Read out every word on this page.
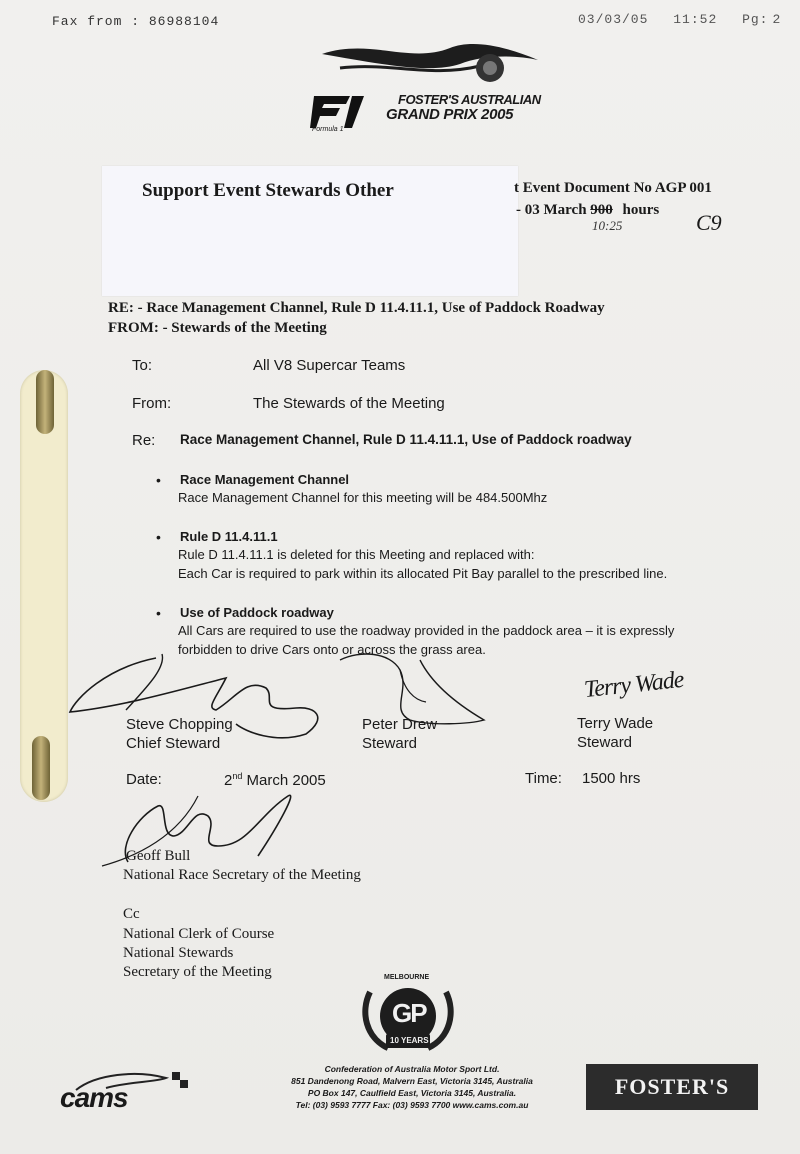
Fax from : 86988104	03/03/05 11:52 Pg: 2
FOSTER'S AUSTRALIAN
GRAND PRIX 2005
Formula 1
Support Event Stewards Other	t Event Document No AGP 001
- 03 March 900 hours
10:25	C9
RE: - Race Management Channel, Rule D 11.4.11.1, Use of Paddock Roadway
FROM: - Stewards of the Meeting
To:	All V8 Supercar Teams
From:	The Stewards of the Meeting
Re: Race Management Channel, Rule D 11.4.11.1, Use of Paddock roadway
• Race Management Channel
Race Management Channel for this meeting will be 484.500Mhz
• Rule D 11.4.11.1
Rule D 11.4.11.1 is deleted for this Meeting and replaced with:
Each Car is required to park within its allocated Pit Bay parallel to the prescribed line.
• Use of Paddock roadway
All Cars are required to use the roadway provided in the paddock area – it is expressly
forbidden to drive Cars onto or across the grass area.
Terry Wade
Steve Chopping
Chief Steward
Peter Drew
Steward
Terry Wade
Steward
Date:	2nd March 2005	Time: 1500 hrs
Geoff Bull
National Race Secretary of the Meeting
Cc
National Clerk of Course
National Stewards
Secretary of the Meeting	MELBOURNE
GP
10 YEARS
cams
Confederation of Australia Motor Sport Ltd.
851 Dandenong Road, Malvern East, Victoria 3145, Australia
PO Box 147, Caulfield East, Victoria 3145, Australia.
Tel: (03) 9593 7777 Fax: (03) 9593 7700 www.cams.com.au
FOSTER'S
